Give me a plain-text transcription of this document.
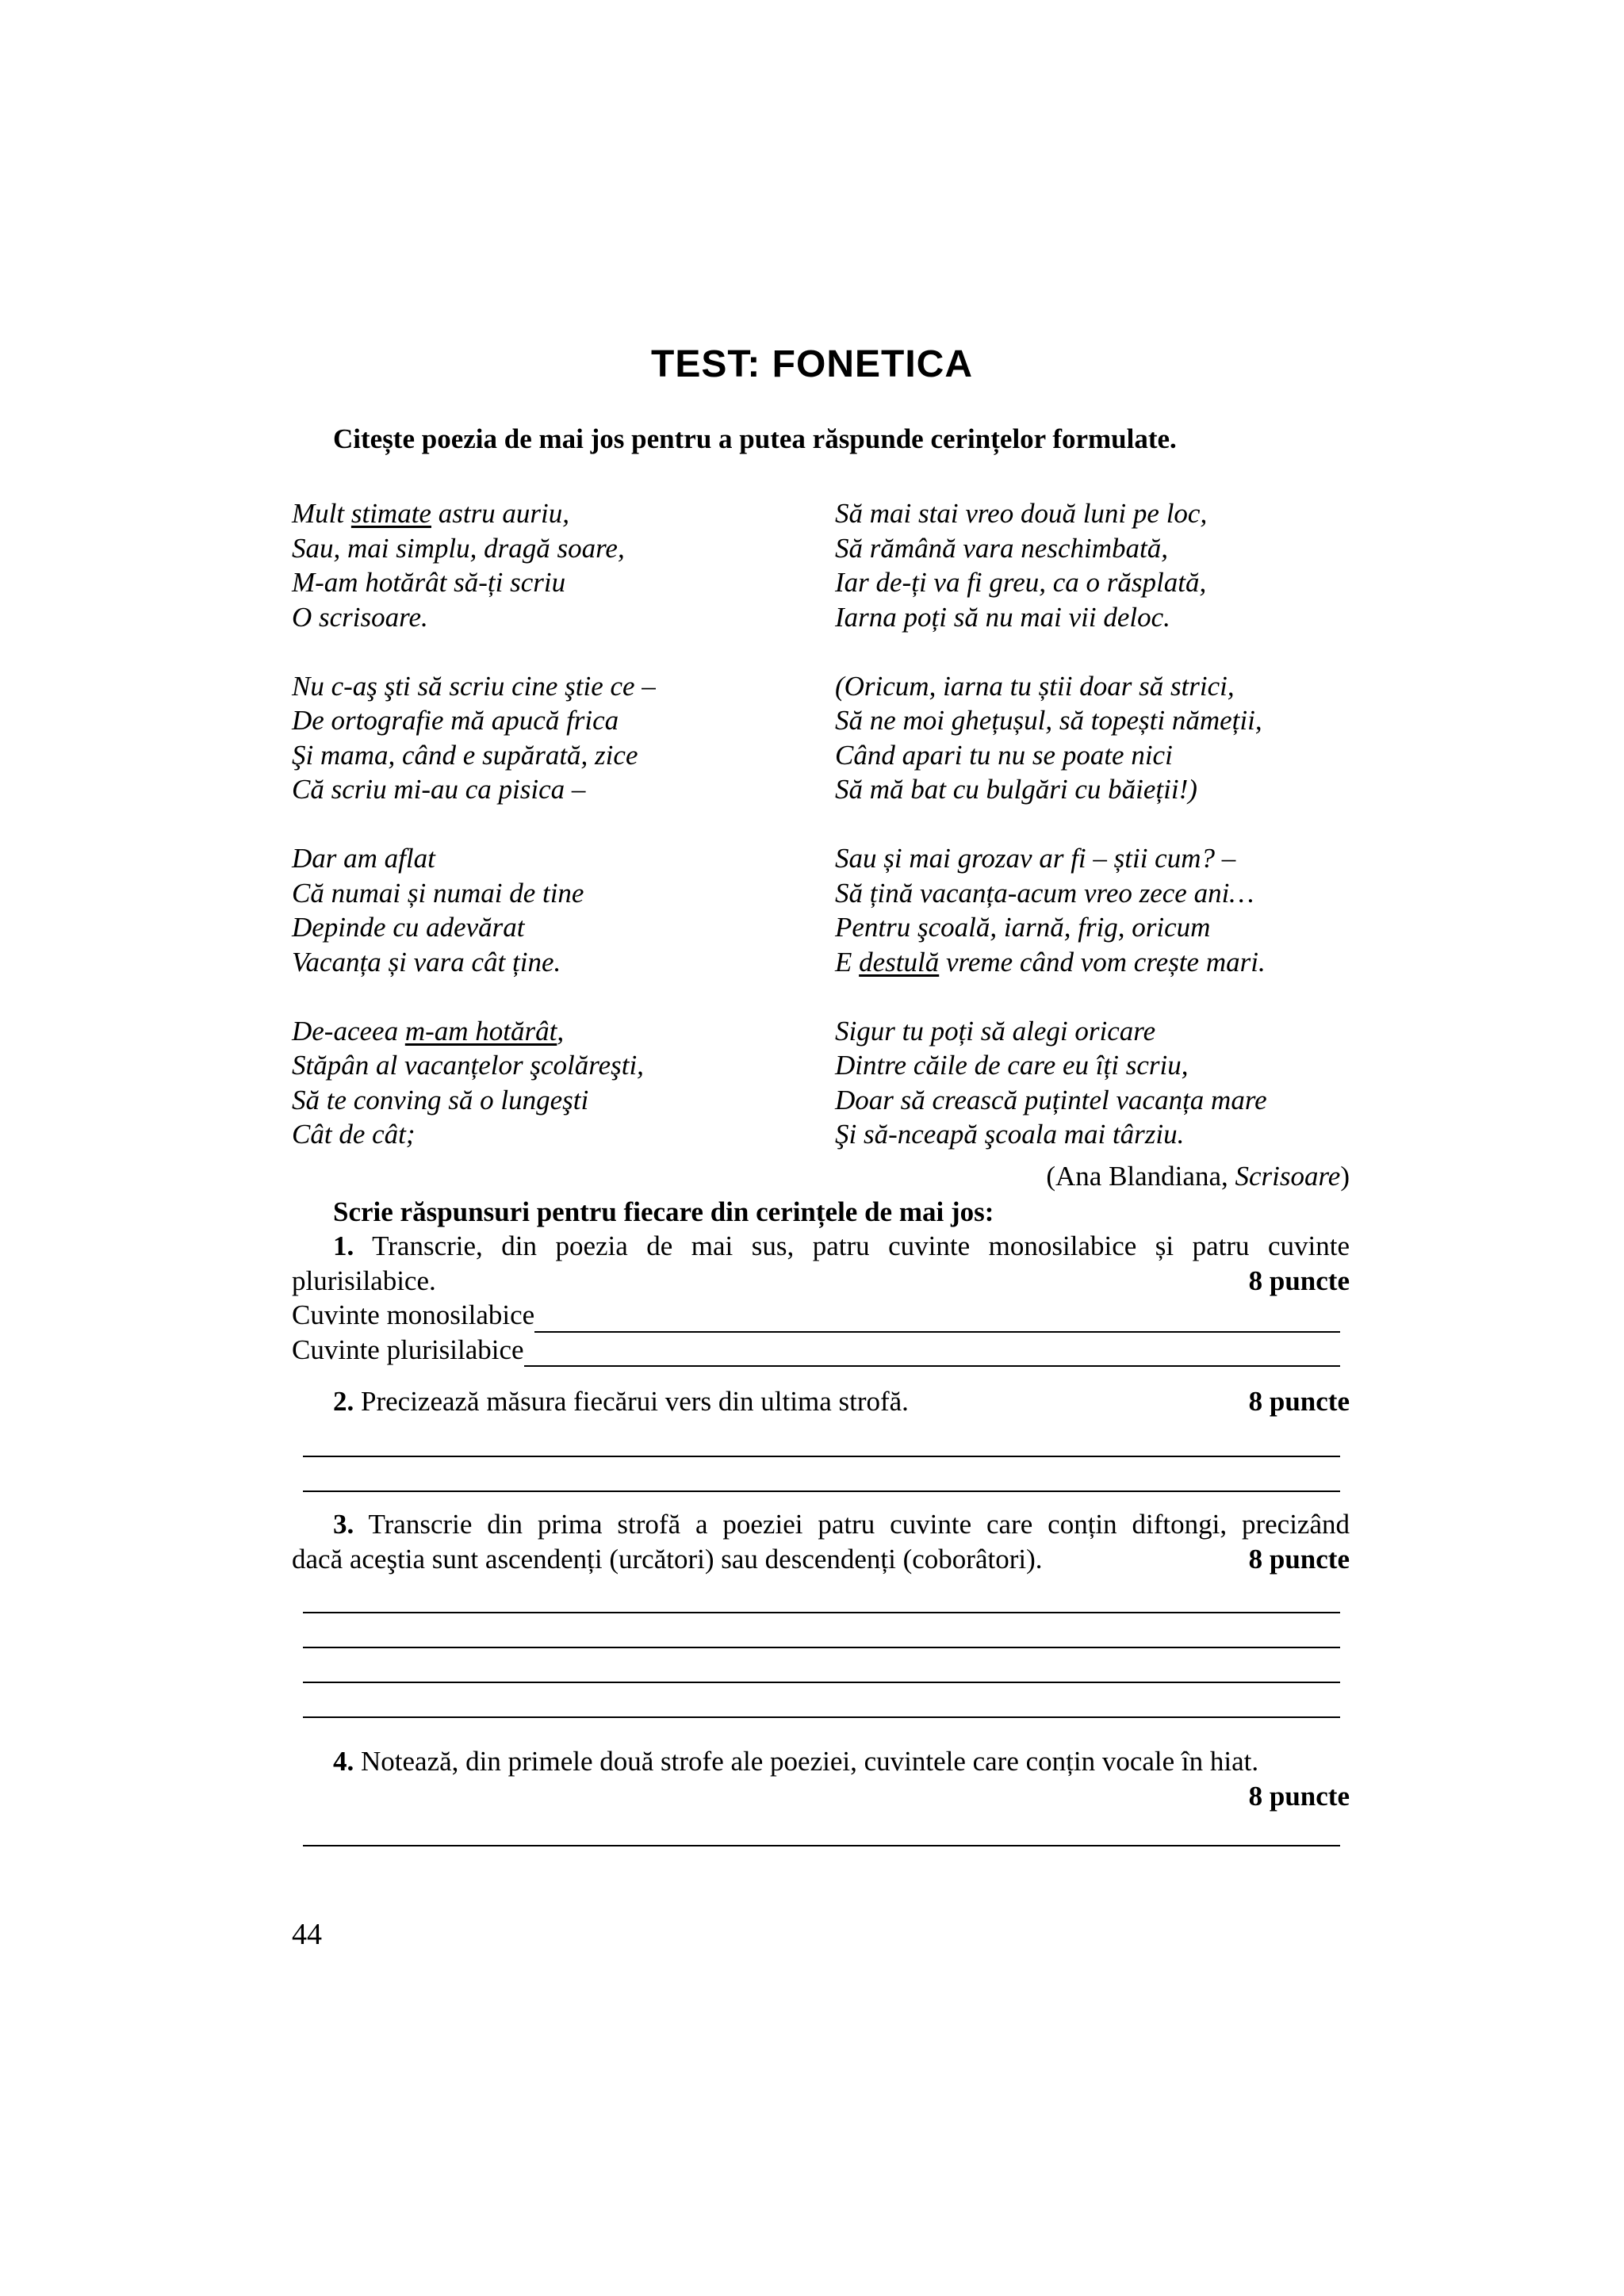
TEST: FONETICA

Citește poezia de mai jos pentru a putea răspunde cerințelor formulate.

Mult stimate astru auriu,
Sau, mai simplu, dragă soare,
M-am hotărât să-ți scriu
O scrisoare.
Nu c-aş şti să scriu cine ştie ce –
De ortografie mă apucă frica
Şi mama, când e supărată, zice
Că scriu mi-au ca pisica –
Dar am aflat
Că numai și numai de tine
Depinde cu adevărat
Vacanța și vara cât ține.
De-aceea m-am hotărât,
Stăpân al vacanțelor şcolăreşti,
Să te conving să o lungeşti
Cât de cât;
Să mai stai vreo două luni pe loc,
Să rămână vara neschimbată,
Iar de-ți va fi greu, ca o răsplată,
Iarna poți să nu mai vii deloc.
(Oricum, iarna tu știi doar să strici,
Să ne moi ghețușul, să topești nămeții,
Când apari tu nu se poate nici
Să mă bat cu bulgări cu băieții!)
Sau și mai grozav ar fi – știi cum? –
Să țină vacanța-acum vreo zece ani…
Pentru şcoală, iarnă, frig, oricum
E destulă vreme când vom crește mari.
Sigur tu poți să alegi oricare
Dintre căile de care eu îți scriu,
Doar să crească puțintel vacanța mare
Şi să-nceapă şcoala mai târziu.
(Ana Blandiana, Scrisoare)

Scrie răspunsuri pentru fiecare din cerințele de mai jos:

1. Transcrie, din poezia de mai sus, patru cuvinte monosilabice și patru cuvinte
plurisilabice.	8 puncte
Cuvinte monosilabice
Cuvinte plurisilabice
2. Precizează măsura fiecărui vers din ultima strofă.	8 puncte
3. Transcrie din prima strofă a poeziei patru cuvinte care conțin diftongi, precizând
dacă aceştia sunt ascendenți (urcători) sau descendenți (coborâtori).	8 puncte
4. Notează, din primele două strofe ale poeziei, cuvintele care conțin vocale în hiat.
8 puncte
44
